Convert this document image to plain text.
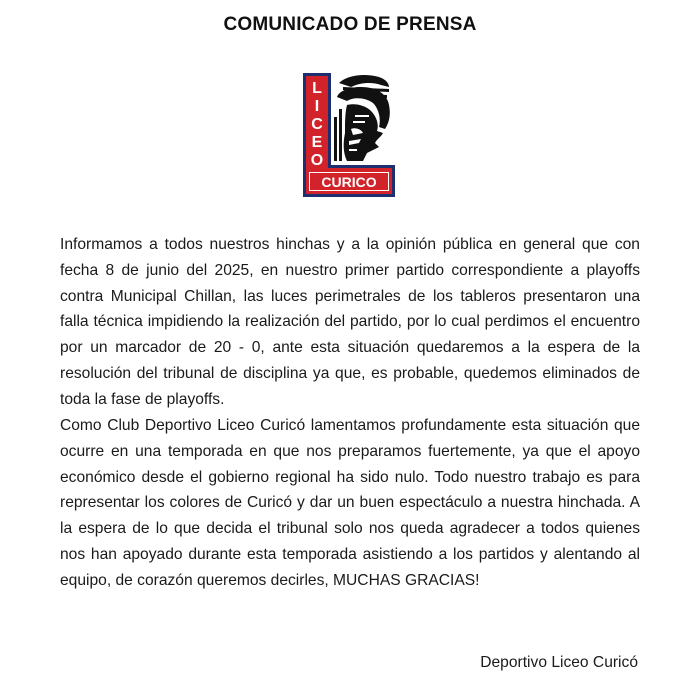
COMUNICADO DE PRENSA
L
I
C
E
O
CURICO

Informamos a todos nuestros hinchas y a la opinión pública en general que con fecha 8 de junio del 2025, en nuestro primer partido correspondiente a playoffs contra Municipal Chillan, las luces perimetrales de los tableros presentaron una falla técnica impidiendo la realización del partido, por lo cual perdimos el encuentro por un marcador de 20 - 0, ante esta situación quedaremos a la espera de la resolución del tribunal de disciplina ya que, es probable, quedemos eliminados de toda la fase de playoffs.

Como Club Deportivo Liceo Curicó lamentamos profundamente esta situación que ocurre en una temporada en que nos preparamos fuertemente, ya que el apoyo económico desde el gobierno regional ha sido nulo. Todo nuestro trabajo es para representar los colores de Curicó y dar un buen espectáculo a nuestra hinchada. A la espera de lo que decida el tribunal solo nos queda agradecer a todos quienes nos han apoyado durante esta temporada asistiendo a los partidos y alentando al equipo, de corazón queremos decirles, MUCHAS GRACIAS!

Deportivo Liceo Curicó
